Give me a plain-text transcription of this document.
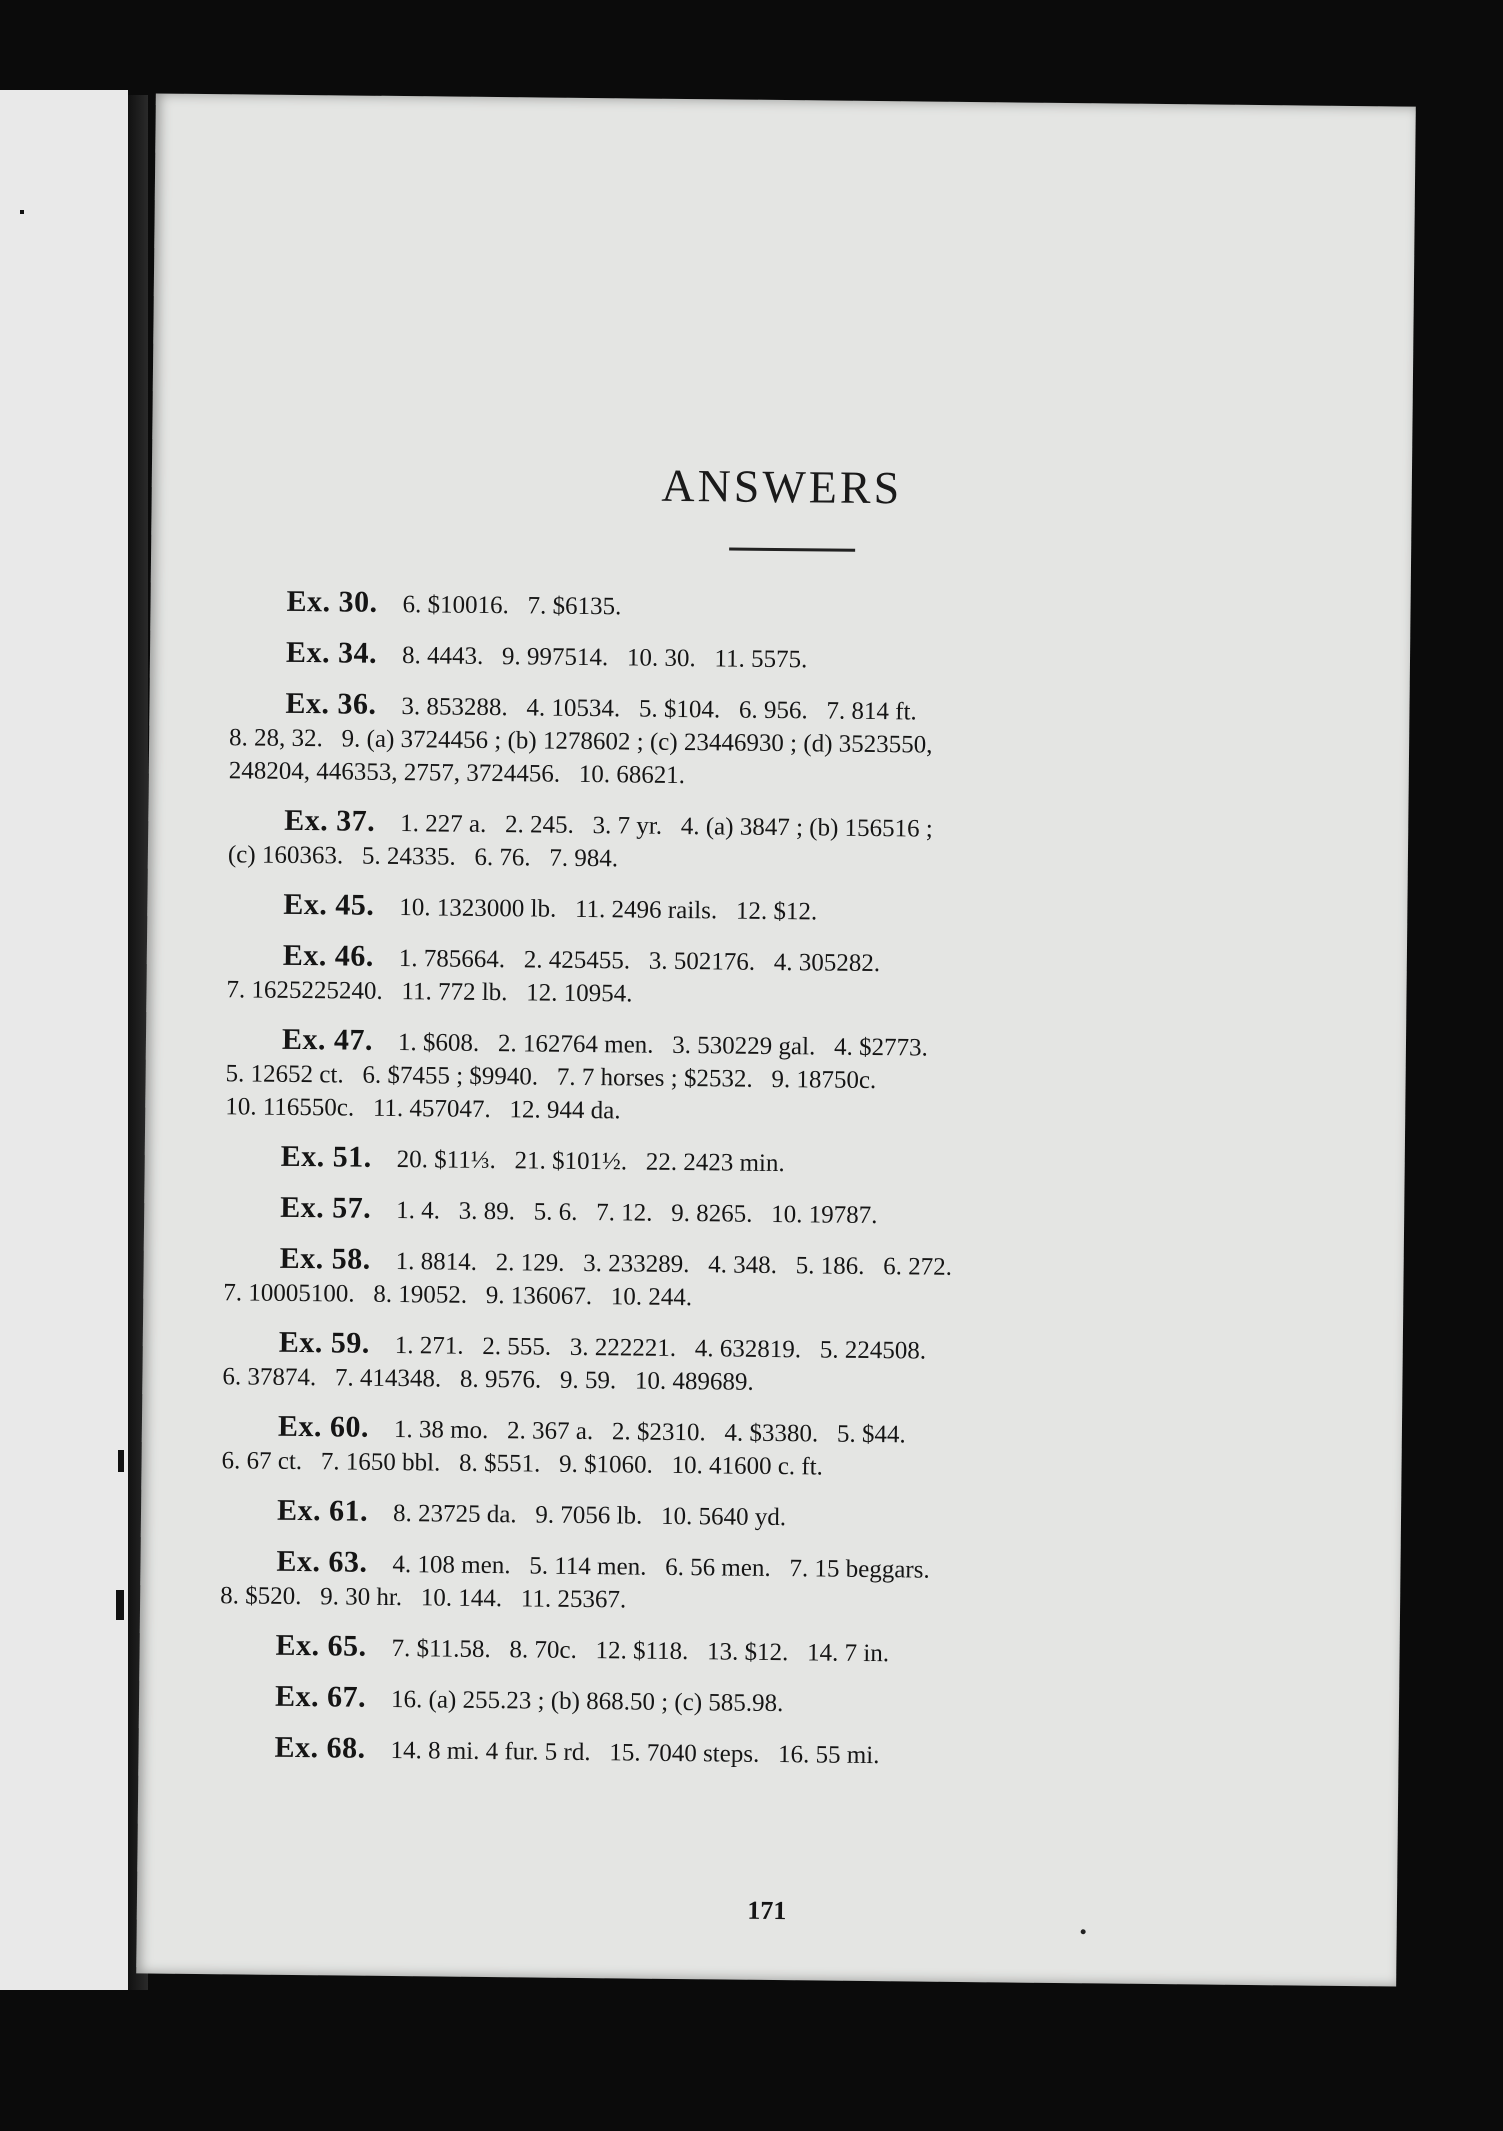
ANSWERS
Ex. 30.  6. $10016.   7. $6135.
Ex. 34.  8. 4443.   9. 997514.   10. 30.   11. 5575.
Ex. 36.  3. 853288.   4. 10534.   5. $104.   6. 956.   7. 814 ft.
8. 28, 32.   9. (a) 3724456 ; (b) 1278602 ; (c) 23446930 ; (d) 3523550,
248204, 446353, 2757, 3724456.   10. 68621.
Ex. 37.  1. 227 a.   2. 245.   3. 7 yr.   4. (a) 3847 ; (b) 156516 ;
(c) 160363.   5. 24335.   6. 76.   7. 984.
Ex. 45.  10. 1323000 lb.   11. 2496 rails.   12. $12.
Ex. 46.  1. 785664.   2. 425455.   3. 502176.   4. 305282.
7. 1625225240.   11. 772 lb.   12. 10954.
Ex. 47.  1. $608.   2. 162764 men.   3. 530229 gal.   4. $2773.
5. 12652 ct.   6. $7455 ; $9940.   7. 7 horses ; $2532.   9. 18750c.
10. 116550c.   11. 457047.   12. 944 da.
Ex. 51.  20. $11⅓.   21. $101½.   22. 2423 min.
Ex. 57.  1. 4.   3. 89.   5. 6.   7. 12.   9. 8265.   10. 19787.
Ex. 58.  1. 8814.   2. 129.   3. 233289.   4. 348.   5. 186.   6. 272.
7. 10005100.   8. 19052.   9. 136067.   10. 244.
Ex. 59.  1. 271.   2. 555.   3. 222221.   4. 632819.   5. 224508.
6. 37874.   7. 414348.   8. 9576.   9. 59.   10. 489689.
Ex. 60.  1. 38 mo.   2. 367 a.   2. $2310.   4. $3380.   5. $44.
6. 67 ct.   7. 1650 bbl.   8. $551.   9. $1060.   10. 41600 c. ft.
Ex. 61.  8. 23725 da.   9. 7056 lb.   10. 5640 yd.
Ex. 63.  4. 108 men.   5. 114 men.   6. 56 men.   7. 15 beggars.
8. $520.   9. 30 hr.   10. 144.   11. 25367.
Ex. 65.  7. $11.58.   8. 70c.   12. $118.   13. $12.   14. 7 in.
Ex. 67.  16. (a) 255.23 ; (b) 868.50 ; (c) 585.98.
Ex. 68.  14. 8 mi. 4 fur. 5 rd.   15. 7040 steps.   16. 55 mi.
171
